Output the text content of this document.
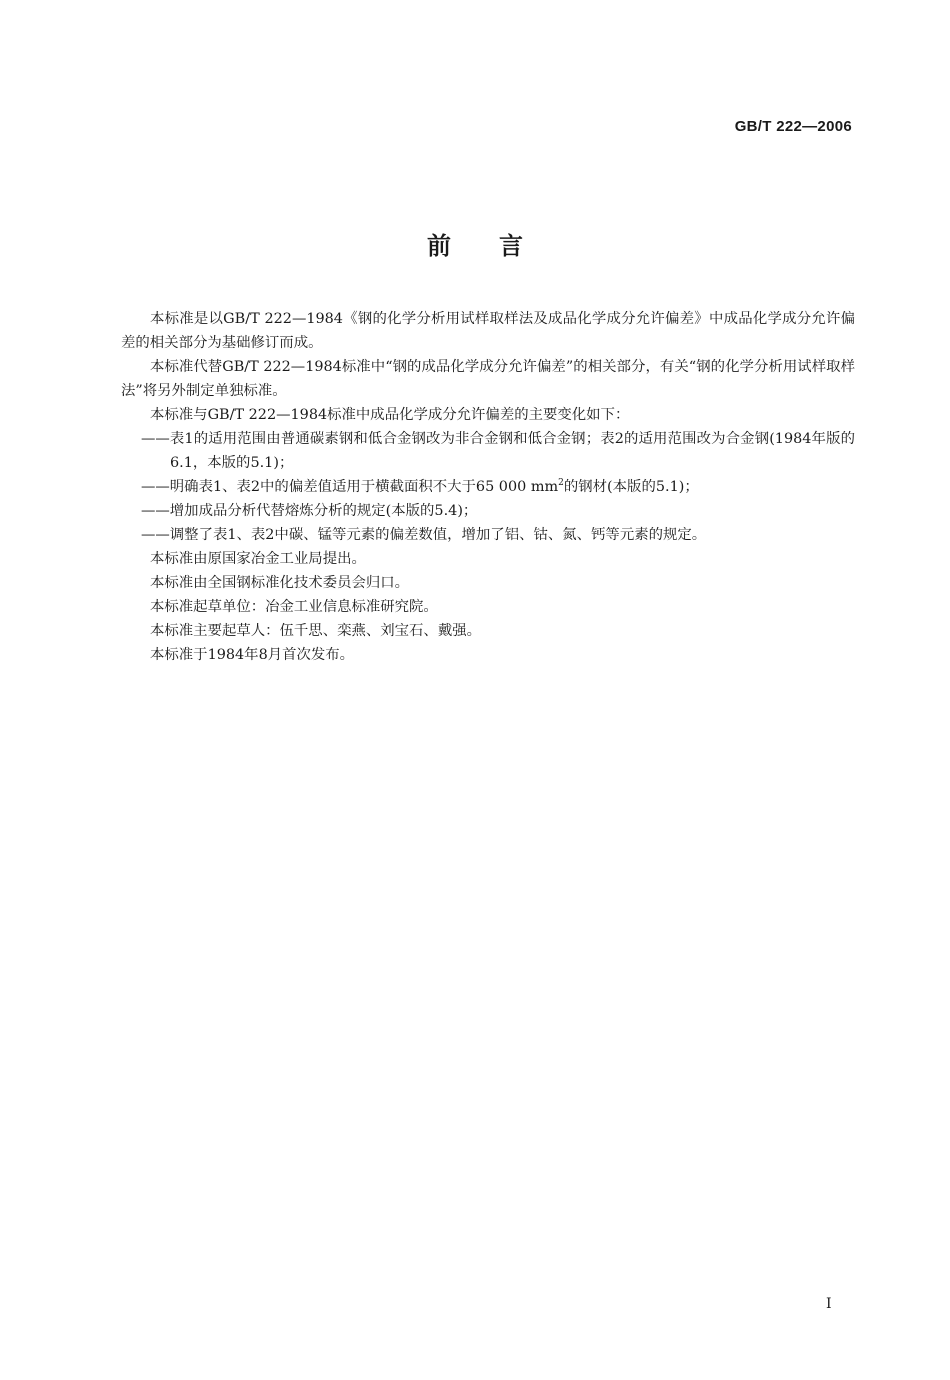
GB/T 222—2006
前言

本标准是以GB/T 222—1984《钢的化学分析用试样取样法及成品化学成分允许偏差》中成品化学成分允许偏差的相关部分为基础修订而成。

本标准代替GB/T 222—1984标准中“钢的成品化学成分允许偏差”的相关部分，有关“钢的化学分析用试样取样法”将另外制定单独标准。

本标准与GB/T 222—1984标准中成品化学成分允许偏差的主要变化如下：

——表1的适用范围由普通碳素钢和低合金钢改为非合金钢和低合金钢；表2的适用范围改为合金钢(1984年版的6.1，本版的5.1)；

——明确表1、表2中的偏差值适用于横截面积不大于65 000 $mm^2$的钢材(本版的5.1)；

——增加成品分析代替熔炼分析的规定(本版的5.4)；

——调整了表1、表2中碳、锰等元素的偏差数值，增加了铝、钴、氮、钙等元素的规定。

本标准由原国家冶金工业局提出。

本标准由全国钢标准化技术委员会归口。

本标准起草单位：冶金工业信息标准研究院。

本标准主要起草人：伍千思、栾燕、刘宝石、戴强。

本标准于1984年8月首次发布。

I
